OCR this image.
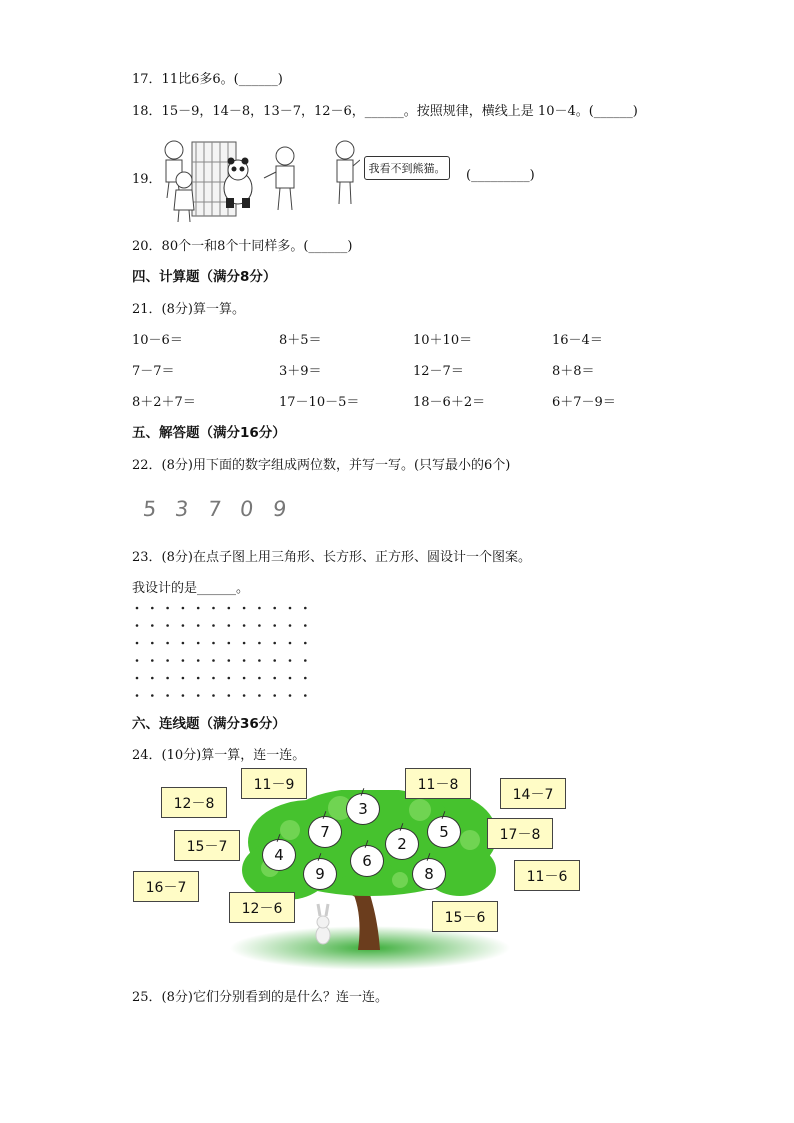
17．11比6多6。(______)
18．15－9，14－8，13－7，12－6，______。按照规律，横线上是 10－4。(______)
19．
我看不到熊猫。	(_________)
20．80个一和8个十同样多。(______)
四、计算题（满分8分）
21．(8分)算一算。
10－6＝	8＋5＝	10＋10＝	16－4＝
7－7＝	3＋9＝	12－7＝	8＋8＝
8＋2＋7＝	17－10－5＝	18－6＋2＝	6＋7－9＝
五、解答题（满分16分）
22．(8分)用下面的数字组成两位数，并写一写。(只写最小的6个)
5 3 7 0 9
23．(8分)在点子图上用三角形、长方形、正方形、圆设计一个图案。
我设计的是______。
六、连线题（满分36分）
24．(10分)算一算，连一连。
3
7	5
2
4	6
9	8
11－9	11－8
12－8
14－7
15－7
17－8
16－7
11－6
12－6
15－6
25．(8分)它们分别看到的是什么？连一连。
